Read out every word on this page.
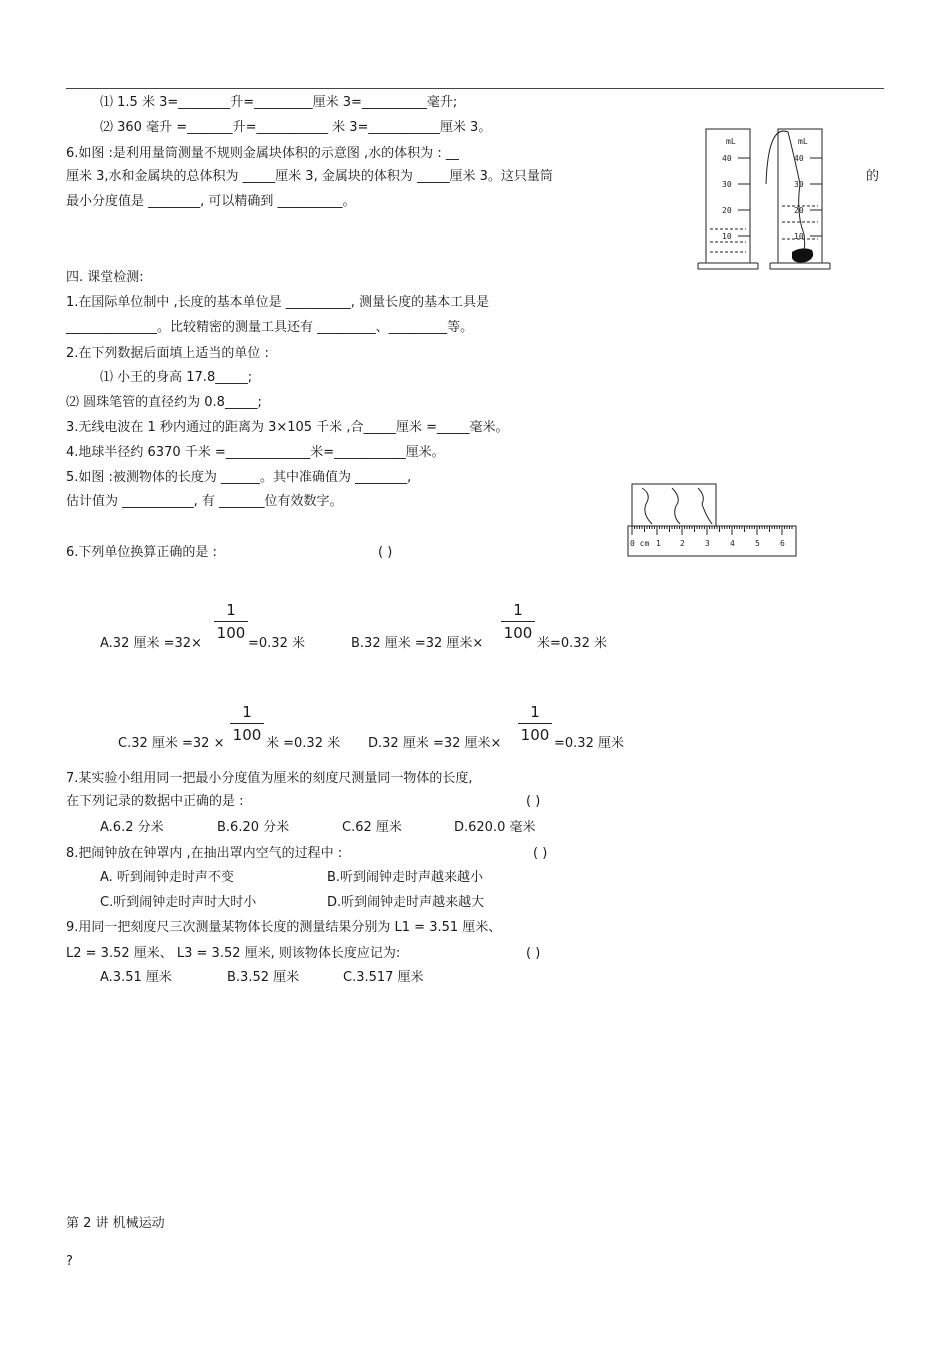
⑴ 1.5 米 3=________升=_________厘米 3=__________毫升;
⑵ 360 毫升 =_______升=___________ 米 3=___________厘米 3。
6.如图 :是利用量筒测量不规则金属块体积的示意图 ,水的体积为 : __
厘米 3,水和金属块的总体积为 _____厘米 3, 金属块的体积为 _____厘米 3。这只量筒	的
最小分度值是 ________, 可以精确到 __________。
mL	mL
40
30
20
10
40
30
20
10
四. 课堂检测:
1.在国际单位制中 ,长度的基本单位是 __________, 测量长度的基本工具是
______________。比较精密的测量工具还有 _________、_________等。
2.在下列数据后面填上适当的单位 :
⑴ 小王的身高 17.8_____;
⑵ 圆珠笔管的直径约为 0.8_____;
3.无线电波在 1 秒内通过的距离为 3×105 千米 ,合_____厘米 =_____毫米。
4.地球半径约 6370 千米 =_____________米=___________厘米。
5.如图 :被测物体的长度为 ______。其中准确值为 ________,
估计值为 ___________, 有 _______位有效数字。
0 cm 1 2	3	4	5	6
6.下列单位换算正确的是 :	( )
1
100
A.32 厘米 =32×	=0.32 米
1
100
B.32 厘米 =32 厘米×	米=0.32 米
1
100
C.32 厘米 =32 ×	米 =0.32 米
1
100
D.32 厘米 =32 厘米×	=0.32 厘米
7.某实验小组用同一把最小分度值为厘米的刻度尺测量同一物体的长度,
在下列记录的数据中正确的是 :	( )
A.6.2 分米	B.6.20 分米	C.62 厘米	D.620.0 毫米
8.把闹钟放在钟罩内 ,在抽出罩内空气的过程中 :	( )
A. 听到闹钟走时声不变	B.听到闹钟走时声越来越小
C.听到闹钟走时声时大时小	D.听到闹钟走时声越来越大
9.用同一把刻度尺三次测量某物体长度的测量结果分别为 L1 = 3.51 厘米、
L2 = 3.52 厘米、 L3 = 3.52 厘米, 则该物体长度应记为:	( )
A.3.51 厘米	B.3.52 厘米	C.3.517 厘米
第 2 讲 机械运动
?
